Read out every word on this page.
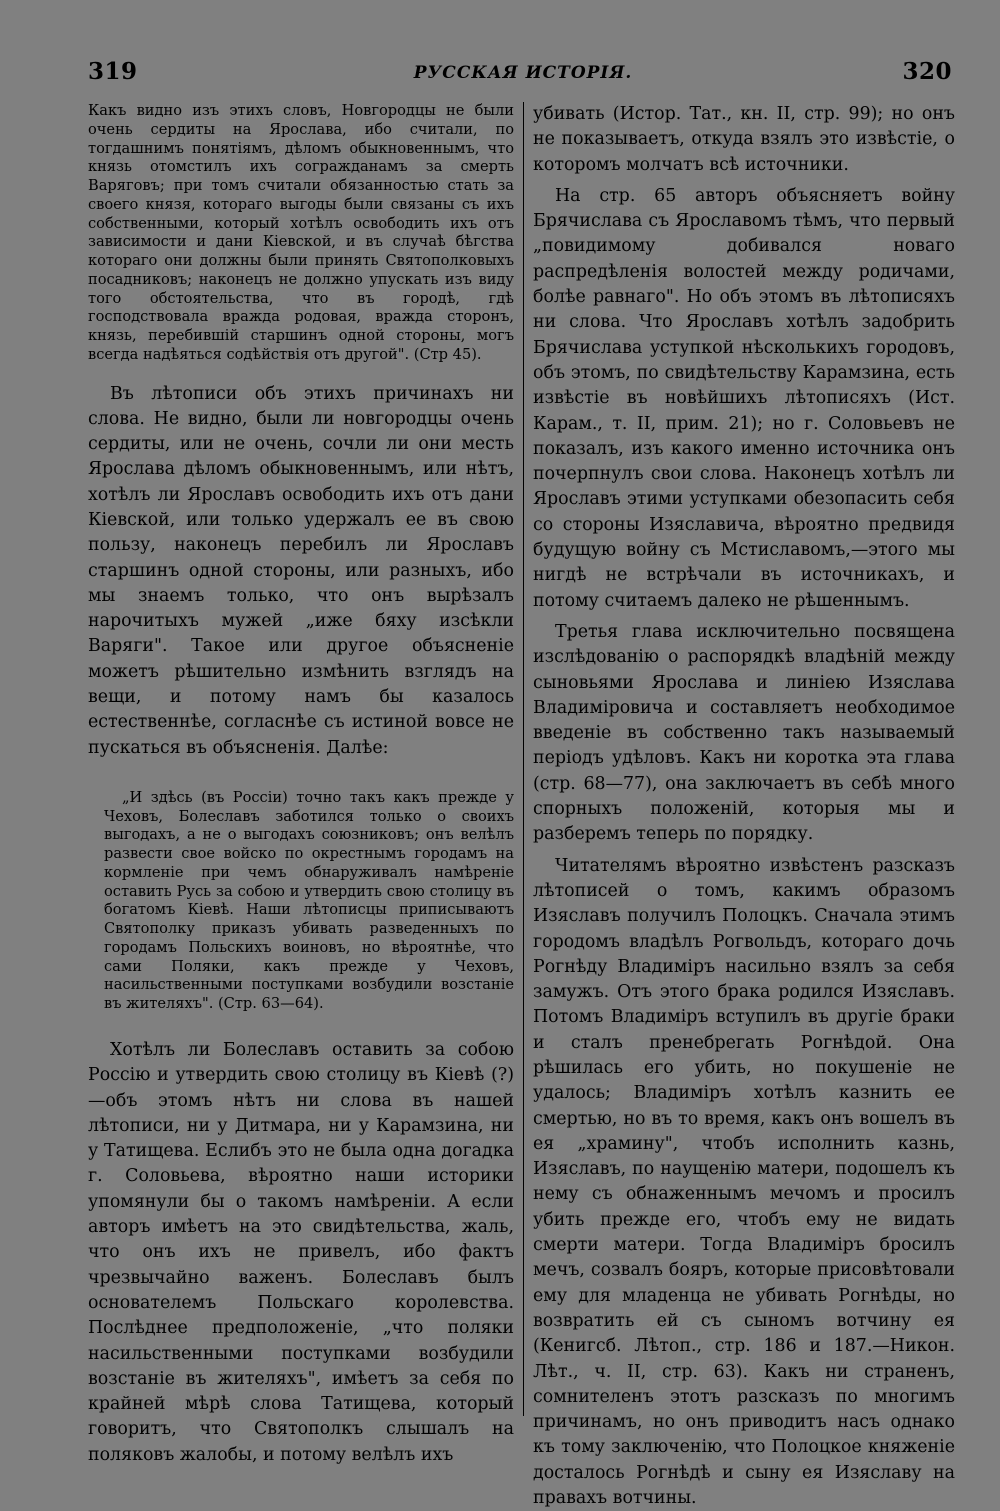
319	РУССКАЯ ИСТОРІЯ.	320

Какъ видно изъ этихъ словъ, Новгородцы не были очень сердиты на Ярослава, ибо считали, по тогдашнимъ понятіямъ, дѣломъ обыкновеннымъ, что князь отомстилъ ихъ согражданамъ за смерть Варяговъ; при томъ считали обязанностью стать за своего князя, котораго выгоды были связаны съ ихъ собственными, который хотѣлъ освободить ихъ отъ зависимости и дани Кіевской, и въ случаѣ бѣгства котораго они должны были принять Святополковыхъ посадниковъ; наконецъ не должно упускать изъ виду того обстоятельства, что въ городѣ, гдѣ господствовала вражда родовая, вражда сторонъ, князь, перебившій старшинъ одной стороны, могъ всегда надѣяться содѣйствія отъ другой". (Стр 45).

Въ лѣтописи объ этихъ причинахъ ни слова. Не видно, были ли новгородцы очень сердиты, или не очень, сочли ли они месть Ярослава дѣломъ обыкновеннымъ, или нѣтъ, хотѣлъ ли Ярославъ освободить ихъ отъ дани Кіевской, или только удержалъ ее въ свою пользу, наконецъ перебилъ ли Ярославъ старшинъ одной стороны, или разныхъ, ибо мы знаемъ только, что онъ вырѣзалъ нарочитыхъ мужей „иже бяху изсѣкли Варяги". Такое или другое объясненіе можетъ рѣшительно измѣнить взглядъ на вещи, и потому намъ бы казалось естественнѣе, согласнѣе съ истиной вовсе не пускаться въ объясненія. Далѣе:

„И здѣсь (въ Россіи) точно такъ какъ прежде у Чеховъ, Болеславъ заботился только о своихъ выгодахъ, а не о выгодахъ союзниковъ; онъ велѣлъ развести свое войско по окрестнымъ городамъ на кормленіе при чемъ обнаруживалъ намѣреніе оставить Русь за собою и утвердить свою столицу въ богатомъ Кіевѣ. Наши лѣтописцы приписываютъ Святополку приказъ убивать разведенныхъ по городамъ Польскихъ воиновъ, но вѣроятнѣе, что сами Поляки, какъ прежде у Чеховъ, насильственными поступками возбудили возстаніе въ жителяхъ". (Стр. 63—64).

Хотѣлъ ли Болеславъ оставить за собою Россію и утвердить свою столицу въ Кіевѣ (?)—объ этомъ нѣтъ ни слова въ нашей лѣтописи, ни у Дитмара, ни у Карамзина, ни у Татищева. Еслибъ это не была одна догадка г. Соловьева, вѣроятно наши историки упомянули бы о такомъ намѣреніи. А если авторъ имѣетъ на это свидѣтельства, жаль, что онъ ихъ не привелъ, ибо фактъ чрезвычайно важенъ. Болеславъ былъ основателемъ Польскаго королевства. Послѣднее предположеніе, „что поляки насильственными поступками возбудили возстаніе въ жителяхъ", имѣетъ за себя по крайней мѣрѣ слова Татищева, который говоритъ, что Святополкъ слышалъ на поляковъ жалобы, и потому велѣлъ ихъ

убивать (Истор. Тат., кн. II, стр. 99); но онъ не показываетъ, откуда взялъ это извѣстіе, о которомъ молчатъ всѣ источники.

На стр. 65 авторъ объясняетъ войну Брячислава съ Ярославомъ тѣмъ, что первый „повидимому добивался новаго распредѣленія волостей между родичами, болѣе равнаго". Но объ этомъ въ лѣтописяхъ ни слова. Что Ярославъ хотѣлъ задобрить Брячислава уступкой нѣсколькихъ городовъ, объ этомъ, по свидѣтельству Карамзина, есть извѣстіе въ новѣйшихъ лѣтописяхъ (Ист. Карам., т. II, прим. 21); но г. Соловьевъ не показалъ, изъ какого именно источника онъ почерпнулъ свои слова. Наконецъ хотѣлъ ли Ярославъ этими уступками обезопасить себя со стороны Изяславича, вѣроятно предвидя будущую войну съ Мстиславомъ,—этого мы нигдѣ не встрѣчали въ источникахъ, и потому считаемъ далеко не рѣшеннымъ.

Третья глава исключительно посвящена изслѣдованію о распорядкѣ владѣній между сыновьями Ярослава и линіею Изяслава Владиміровича и составляетъ необходимое введеніе въ собственно такъ называемый періодъ удѣловъ. Какъ ни коротка эта глава (стр. 68—77), она заключаетъ въ себѣ много спорныхъ положеній, которыя мы и разберемъ теперь по порядку.

Читателямъ вѣроятно извѣстенъ разсказъ лѣтописей о томъ, какимъ образомъ Изяславъ получилъ Полоцкъ. Сначала этимъ городомъ владѣлъ Рогвольдъ, котораго дочь Рогнѣду Владиміръ насильно взялъ за себя замужъ. Отъ этого брака родился Изяславъ. Потомъ Владиміръ вступилъ въ другіе браки и сталъ пренебрегать Рогнѣдой. Она рѣшилась его убить, но покушеніе не удалось; Владиміръ хотѣлъ казнить ее смертью, но въ то время, какъ онъ вошелъ въ ея „храмину", чтобъ исполнить казнь, Изяславъ, по наущенію матери, подошелъ къ нему съ обнаженнымъ мечомъ и просилъ убить прежде его, чтобъ ему не видать смерти матери. Тогда Владиміръ бросилъ мечъ, созвалъ бояръ, которые присовѣтовали ему для младенца не убивать Рогнѣды, но возвратить ей съ сыномъ вотчину ея (Кенигсб. Лѣтоп., стр. 186 и 187.—Никон. Лѣт., ч. II, стр. 63). Какъ ни страненъ, сомнителенъ этотъ разсказъ по многимъ причинамъ, но онъ приводитъ насъ однако къ тому заключенію, что Полоцкое княженіе досталось Рогнѣдѣ и сыну ея Изяславу на правахъ вотчины.
